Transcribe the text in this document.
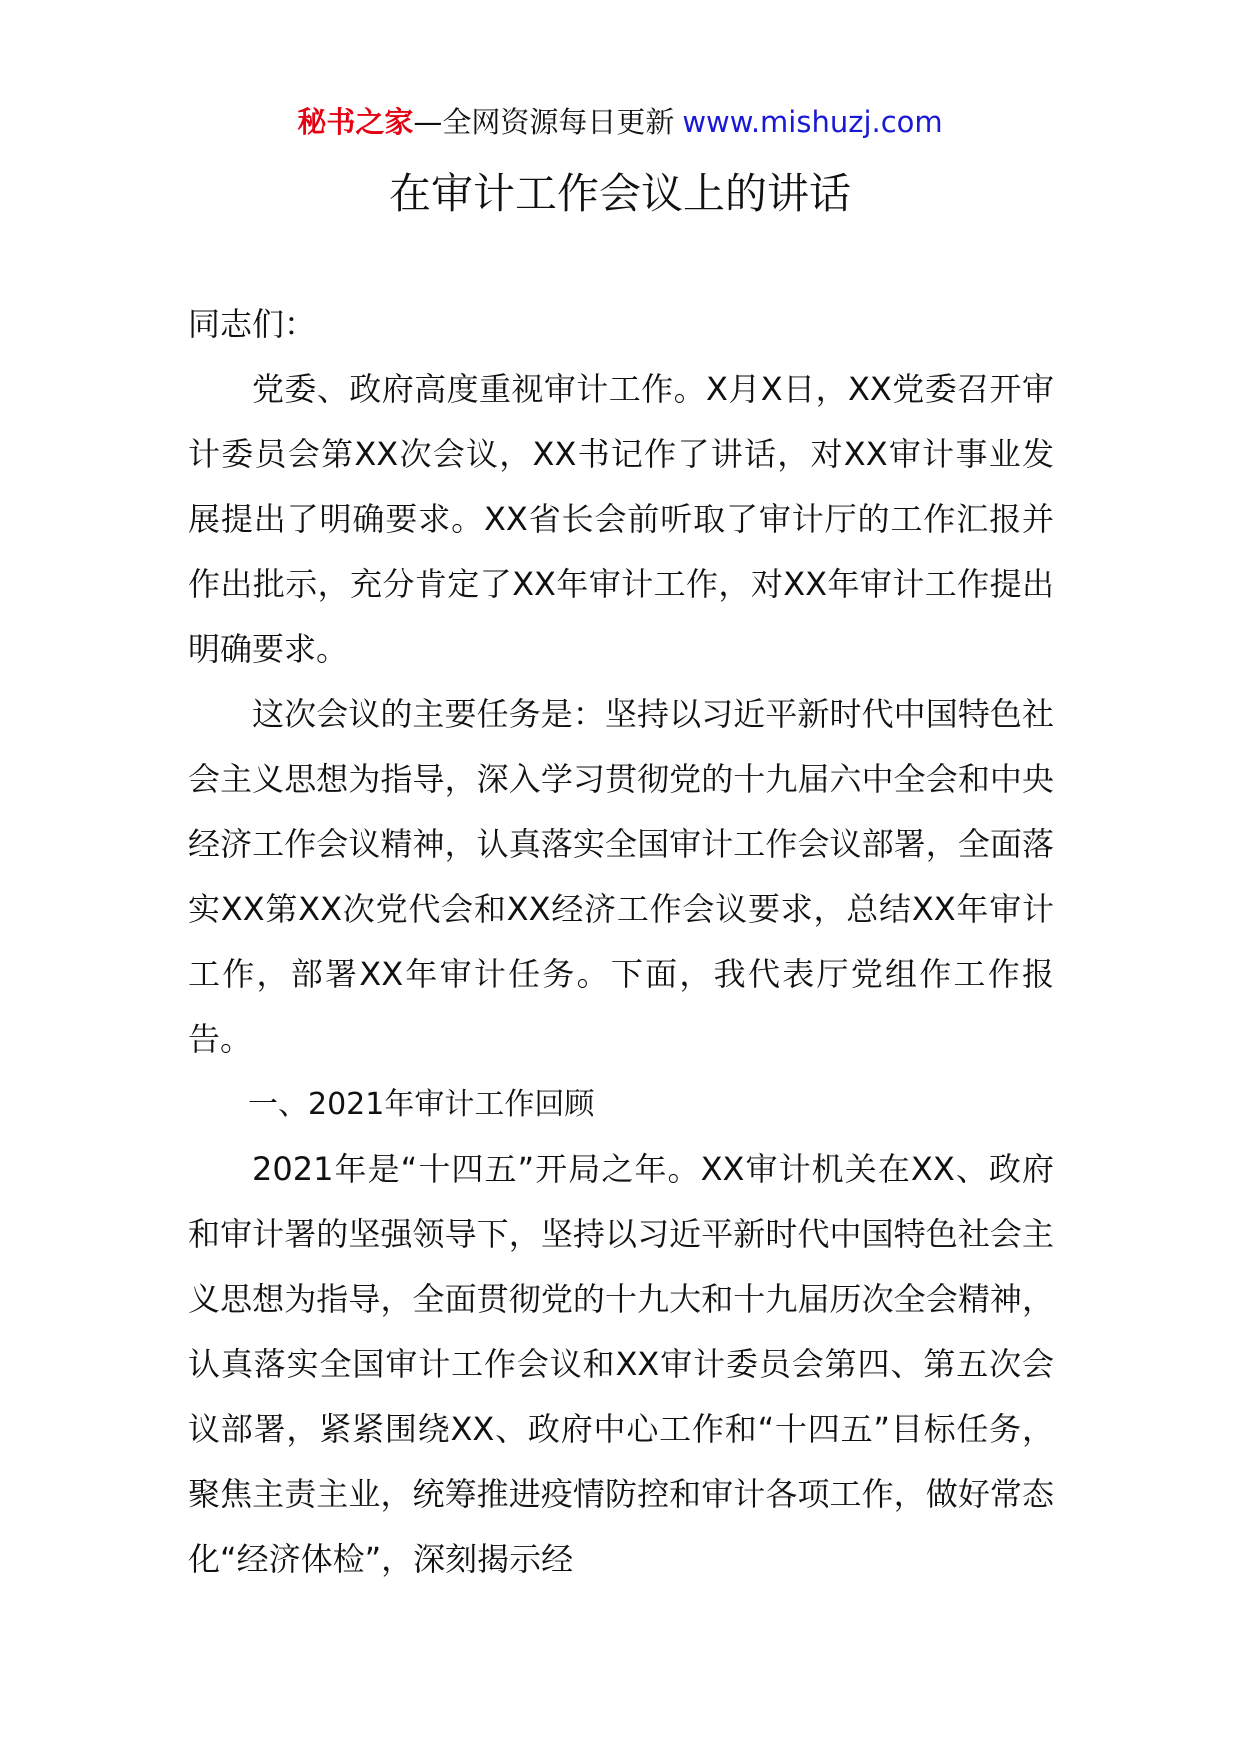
秘书之家—全网资源每日更新 www.mishuzj.com
在审计工作会议上的讲话

同志们：

党委、政府高度重视审计工作。X月X日，XX党委召开审计委员会第XX次会议，XX书记作了讲话，对XX审计事业发展提出了明确要求。XX省长会前听取了审计厅的工作汇报并作出批示，充分肯定了XX年审计工作，对XX年审计工作提出明确要求。

这次会议的主要任务是：坚持以习近平新时代中国特色社会主义思想为指导，深入学习贯彻党的十九届六中全会和中央经济工作会议精神，认真落实全国审计工作会议部署，全面落实XX第XX次党代会和XX经济工作会议要求，总结XX年审计工作，部署XX年审计任务。下面，我代表厅党组作工作报告。

一、2021年审计工作回顾

2021年是“十四五”开局之年。XX审计机关在XX、政府和审计署的坚强领导下，坚持以习近平新时代中国特色社会主义思想为指导，全面贯彻党的十九大和十九届历次全会精神，认真落实全国审计工作会议和XX审计委员会第四、第五次会议部署，紧紧围绕XX、政府中心工作和“十四五”目标任务，聚焦主责主业，统筹推进疫情防控和审计各项工作，做好常态化“经济体检”，深刻揭示经
